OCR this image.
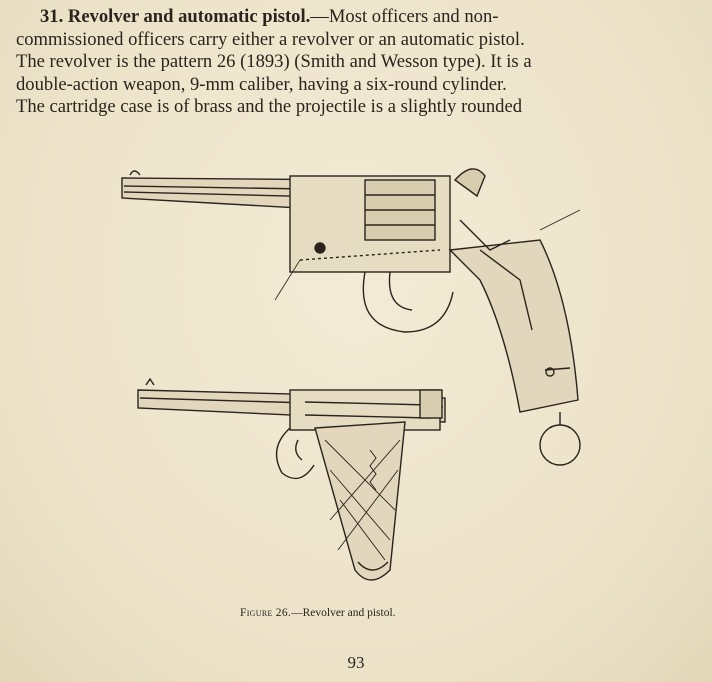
31. Revolver and automatic pistol.—Most officers and non-
commissioned officers carry either a revolver or an automatic pistol.
The revolver is the pattern 26 (1893) (Smith and Wesson type). It is a
double-action weapon, 9-mm caliber, having a six-round cylinder.
The cartridge case is of brass and the projectile is a slightly rounded
Figure 26.—Revolver and pistol.
93
